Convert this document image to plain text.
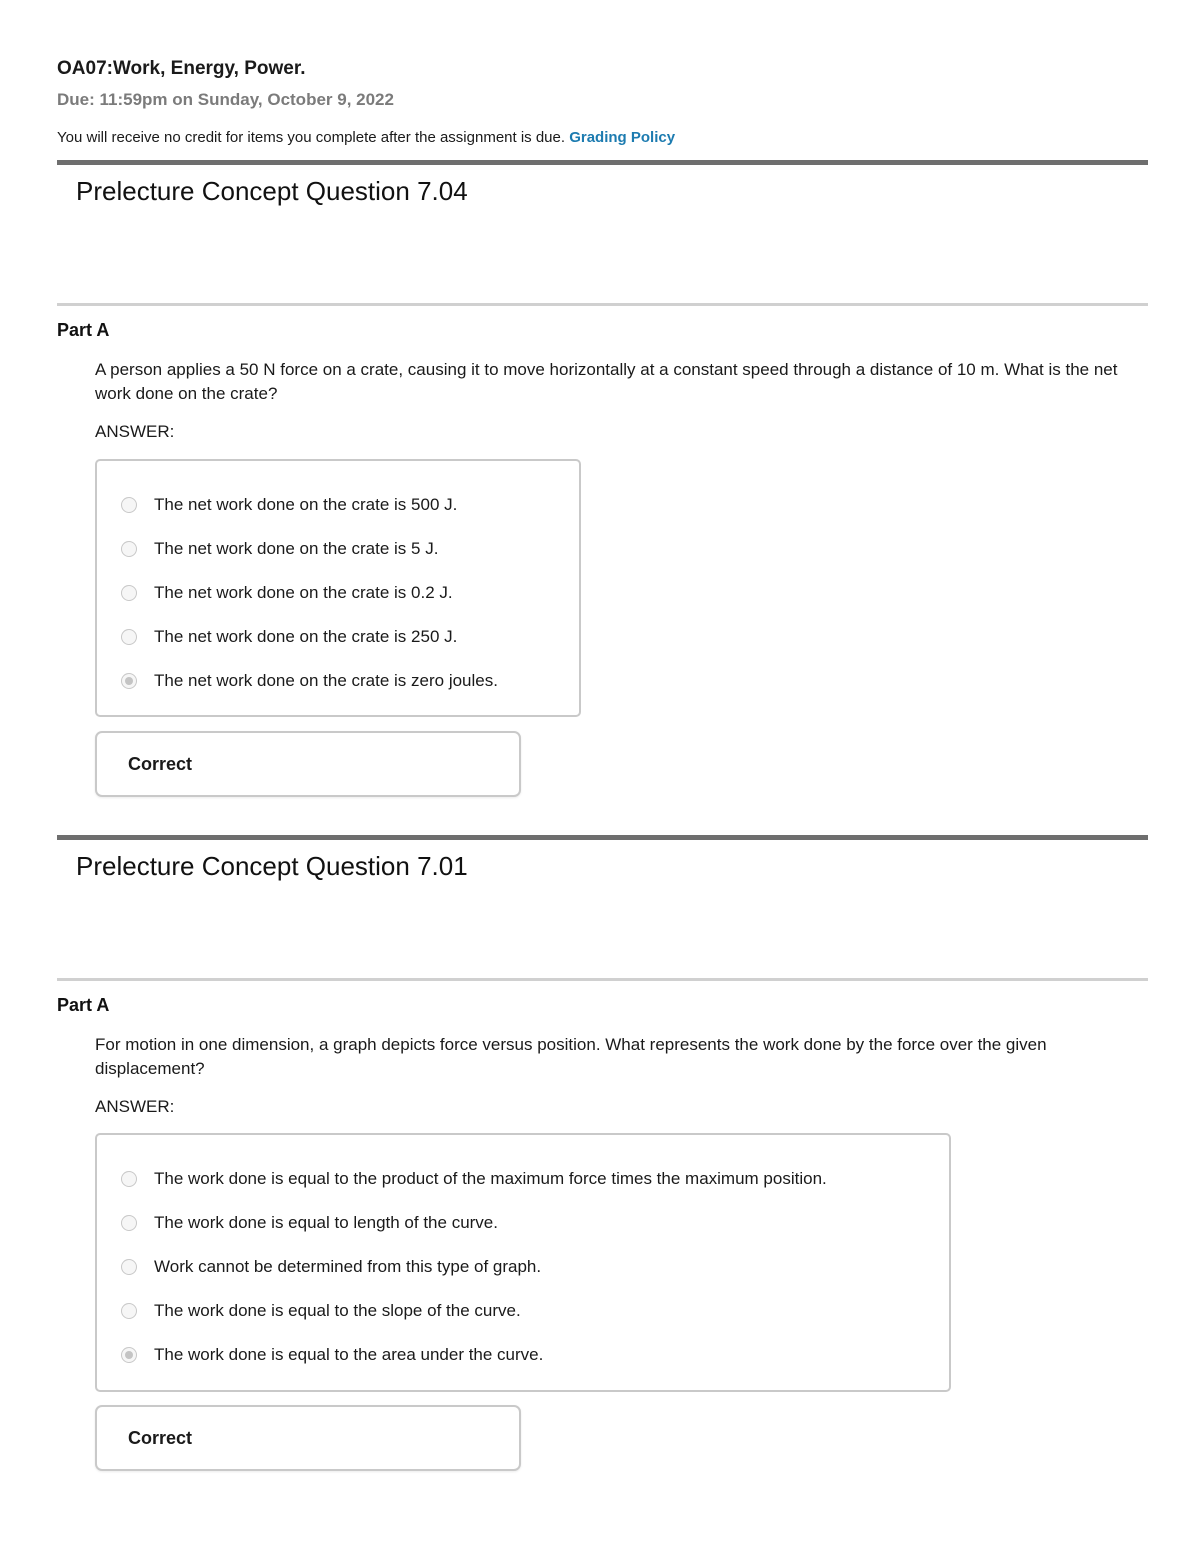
OA07:Work, Energy, Power.
Due: 11:59pm on Sunday, October 9, 2022
You will receive no credit for items you complete after the assignment is due. Grading Policy
Prelecture Concept Question 7.04
Part A
A person applies a 50 N force on a crate, causing it to move horizontally at a constant speed through a distance of 10 m. What is the net work done on the crate?
ANSWER:
The net work done on the crate is 500 J.
The net work done on the crate is 5 J.
The net work done on the crate is 0.2 J.
The net work done on the crate is 250 J.
The net work done on the crate is zero joules.
Correct
Prelecture Concept Question 7.01
Part A
For motion in one dimension, a graph depicts force versus position. What represents the work done by the force over the given displacement?
ANSWER:
The work done is equal to the product of the maximum force times the maximum position.
The work done is equal to length of the curve.
Work cannot be determined from this type of graph.
The work done is equal to the slope of the curve.
The work done is equal to the area under the curve.
Correct
